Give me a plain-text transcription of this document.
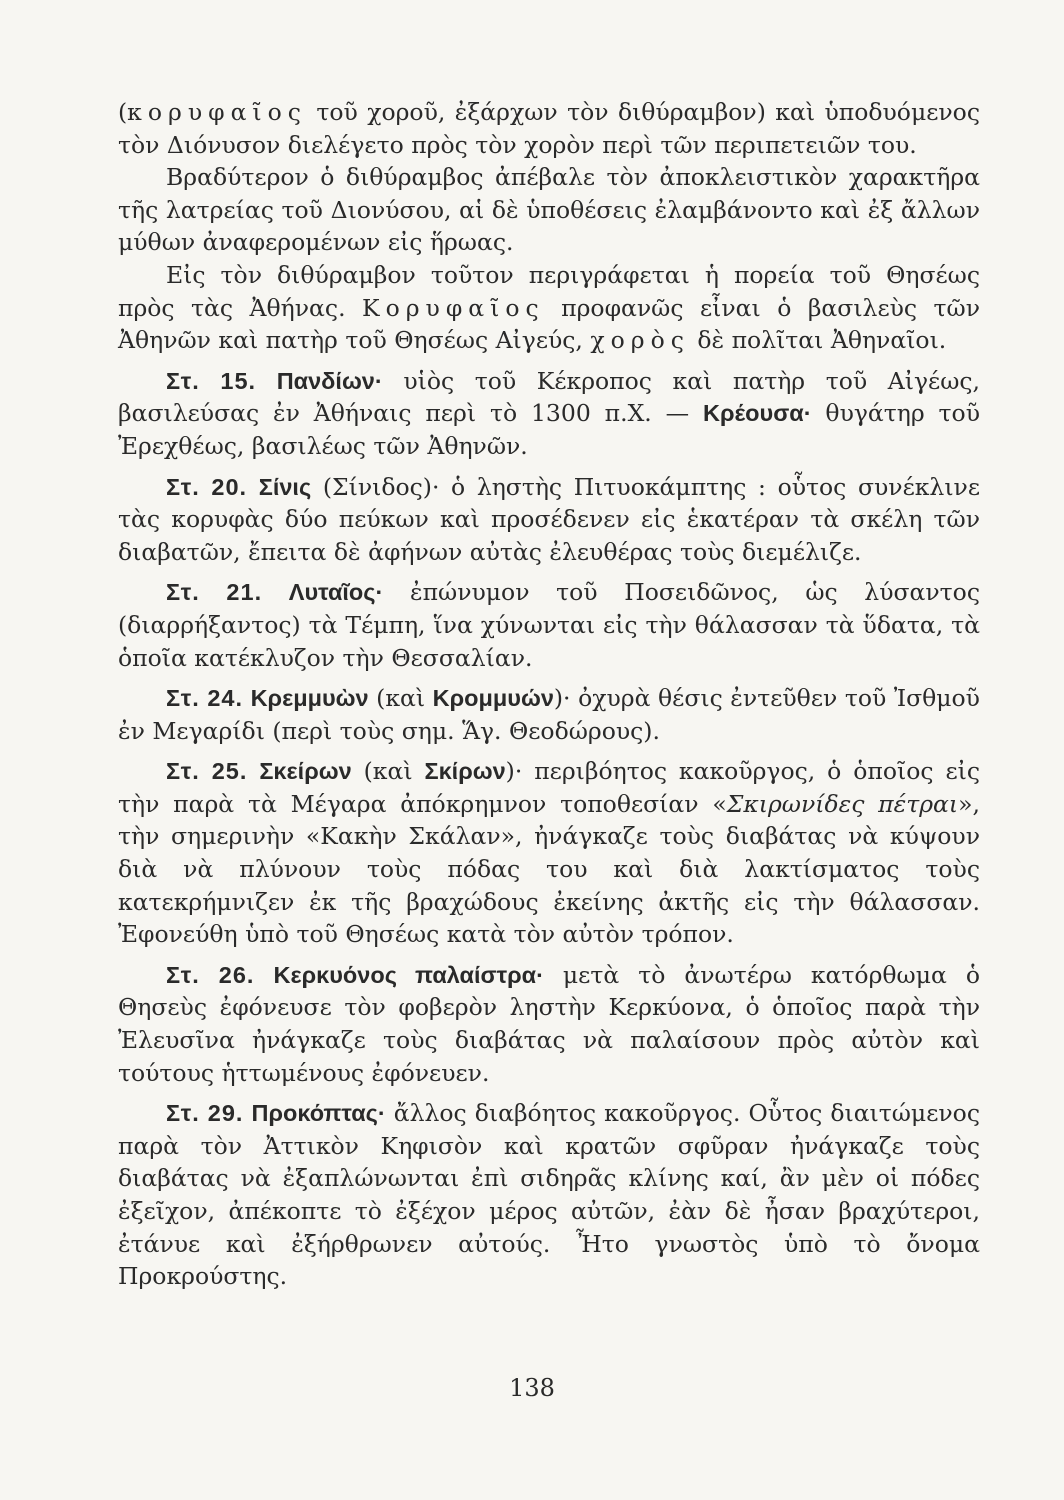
(κορυφαῖος τοῦ χοροῦ, ἐξάρχων τὸν διθύραμβον) καὶ ὑποδυόμενος τὸν Διόνυσον διελέγετο πρὸς τὸν χορὸν περὶ τῶν περιπετειῶν του.

Βραδύτερον ὁ διθύραμβος ἀπέβαλε τὸν ἀποκλειστικὸν χαρακτῆρα τῆς λατρείας τοῦ Διονύσου, αἱ δὲ ὑποθέσεις ἐλαμβάνοντο καὶ ἐξ ἄλλων μύθων ἀναφερομένων εἰς ἥρωας.

Εἰς τὸν διθύραμβον τοῦτον περιγράφεται ἡ πορεία τοῦ Θησέως πρὸς τὰς Ἀθήνας. Κορυφαῖος προφανῶς εἶναι ὁ βασιλεὺς τῶν Ἀθηνῶν καὶ πατὴρ τοῦ Θησέως Αἰγεύς, χορὸς δὲ πολῖται Ἀθηναῖοι.

Στ. 15. Πανδίων· υἱὸς τοῦ Κέκροπος καὶ πατὴρ τοῦ Αἰγέως, βασιλεύσας ἐν Ἀθήναις περὶ τὸ 1300 π.Χ. — Κρέουσα· θυγάτηρ τοῦ Ἐρεχθέως, βασιλέως τῶν Ἀθηνῶν.

Στ. 20. Σίνις (Σίνιδος)· ὁ ληστὴς Πιτυοκάμπτης : οὗτος συνέκλινε τὰς κορυφὰς δύο πεύκων καὶ προσέδενεν εἰς ἑκατέραν τὰ σκέλη τῶν διαβατῶν, ἔπειτα δὲ ἀφήνων αὐτὰς ἐλευθέρας τοὺς διεμέλιζε.

Στ. 21. Λυταῖος· ἐπώνυμον τοῦ Ποσειδῶνος, ὡς λύσαντος (διαρρήξαντος) τὰ Τέμπη, ἵνα χύνωνται εἰς τὴν θάλασσαν τὰ ὕδατα, τὰ ὁποῖα κατέκλυζον τὴν Θεσσαλίαν.

Στ. 24. Κρεμμυὼν (καὶ Κρομμυών)· ὀχυρὰ θέσις ἐντεῦθεν τοῦ Ἰσθμοῦ ἐν Μεγαρίδι (περὶ τοὺς σημ. Ἅγ. Θεοδώρους).

Στ. 25. Σκείρων (καὶ Σκίρων)· περιβόητος κακοῦργος, ὁ ὁποῖος εἰς τὴν παρὰ τὰ Μέγαρα ἀπόκρημνον τοποθεσίαν «Σκιρωνίδες πέτραι», τὴν σημερινὴν «Κακὴν Σκάλαν», ἠνάγκαζε τοὺς διαβάτας νὰ κύψουν διὰ νὰ πλύνουν τοὺς πόδας του καὶ διὰ λακτίσματος τοὺς κατεκρήμνιζεν ἐκ τῆς βραχώδους ἐκείνης ἀκτῆς εἰς τὴν θάλασσαν. Ἐφονεύθη ὑπὸ τοῦ Θησέως κατὰ τὸν αὐτὸν τρόπον.

Στ. 26. Κερκυόνος παλαίστρα· μετὰ τὸ ἀνωτέρω κατόρθωμα ὁ Θησεὺς ἐφόνευσε τὸν φοβερὸν ληστὴν Κερκύονα, ὁ ὁποῖος παρὰ τὴν Ἐλευσῖνα ἠνάγκαζε τοὺς διαβάτας νὰ παλαίσουν πρὸς αὐτὸν καὶ τούτους ἡττωμένους ἐφόνευεν.

Στ. 29. Προκόπτας· ἄλλος διαβόητος κακοῦργος. Οὗτος διαιτώμενος παρὰ τὸν Ἀττικὸν Κηφισὸν καὶ κρατῶν σφῦραν ἠνάγκαζε τοὺς διαβάτας νὰ ἐξαπλώνωνται ἐπὶ σιδηρᾶς κλίνης καί, ἂν μὲν οἱ πόδες ἐξεῖχον, ἀπέκοπτε τὸ ἐξέχον μέρος αὐτῶν, ἐὰν δὲ ἦσαν βραχύτεροι, ἐτάνυε καὶ ἐξήρθρωνεν αὐτούς. Ἦτο γνωστὸς ὑπὸ τὸ ὄνομα Προκρούστης.

138
